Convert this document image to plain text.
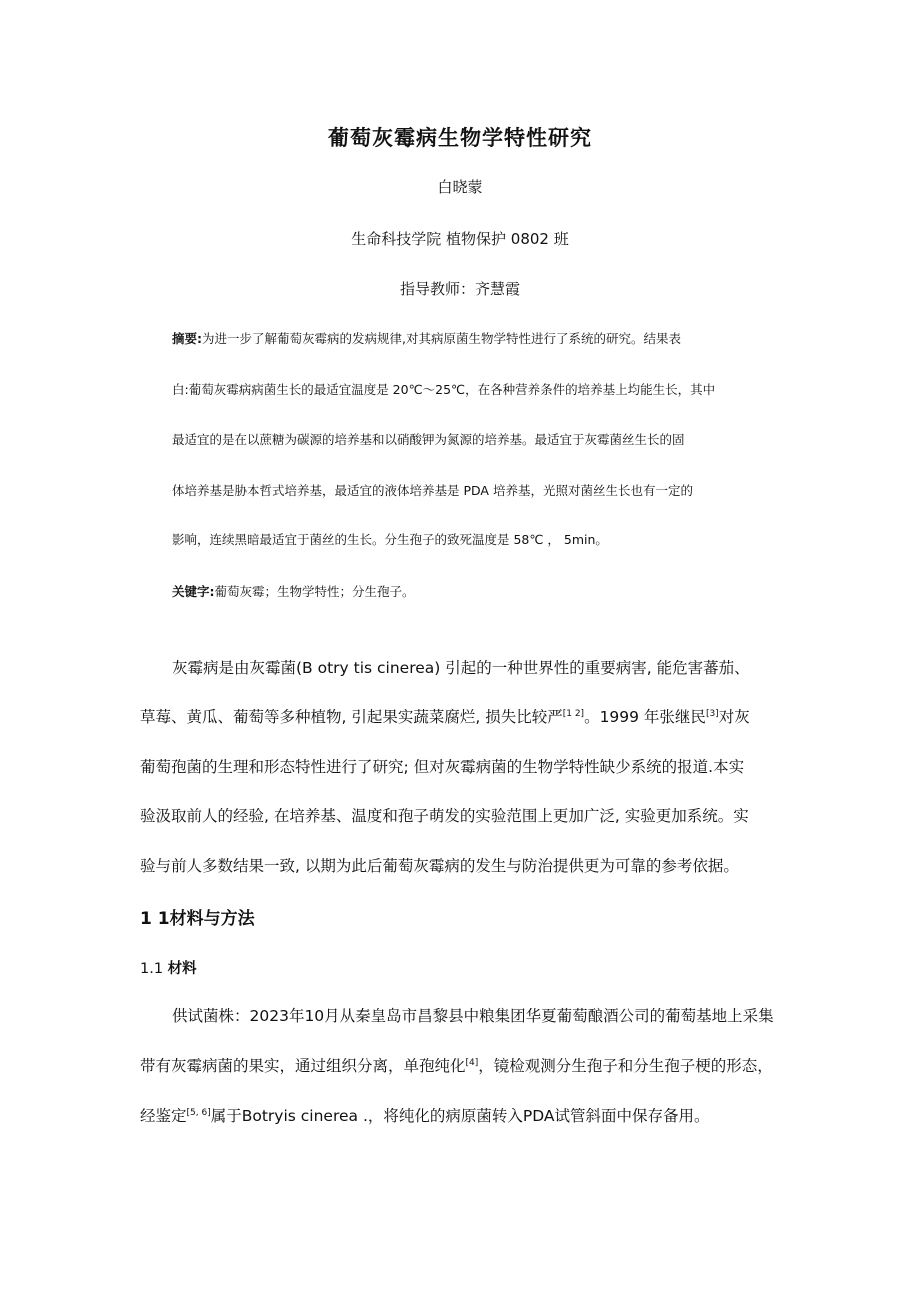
葡萄灰霉病生物学特性研究
白晓蒙
生命科技学院 植物保护 0802 班
指导教师：齐慧霞
摘要:为进一步了解葡萄灰霉病的发病规律,对其病原菌生物学特性进行了系统的研究。结果表
白:葡萄灰霉病病菌生长的最适宜温度是 20℃～25℃，在各种营养条件的培养基上均能生长，其中
最适宜的是在以蔗糖为碳源的培养基和以硝酸钾为氮源的培养基。最适宜于灰霉菌丝生长的固
体培养基是胁本哲式培养基，最适宜的液体培养基是 PDA 培养基，光照对菌丝生长也有一定的
影响，连续黑暗最适宜于菌丝的生长。分生孢子的致死温度是 58℃ ， 5min。
关键字:葡萄灰霉；生物学特性；分生孢子。
灰霉病是由灰霉菌(B otry tis cinerea) 引起的一种世界性的重要病害, 能危害蕃茄、
草莓、黄瓜、葡萄等多种植物, 引起果实蔬菜腐烂, 损失比较严[1 2]。1999 年张继民[3]对灰
葡萄孢菌的生理和形态特性进行了研究; 但对灰霉病菌的生物学特性缺少系统的报道.本实
验汲取前人的经验, 在培养基、温度和孢子萌发的实验范围上更加广泛, 实验更加系统。实
验与前人多数结果一致, 以期为此后葡萄灰霉病的发生与防治提供更为可靠的参考依据。
1 1材料与方法
1.1 材料
供试菌株：2023年10月从秦皇岛市昌黎县中粮集团华夏葡萄酿酒公司的葡萄基地上采集
带有灰霉病菌的果实，通过组织分离，单孢纯化[4]，镜检观测分生孢子和分生孢子梗的形态，
经鉴定[5, 6]属于Botryis cinerea .，将纯化的病原菌转入PDA试管斜面中保存备用。
